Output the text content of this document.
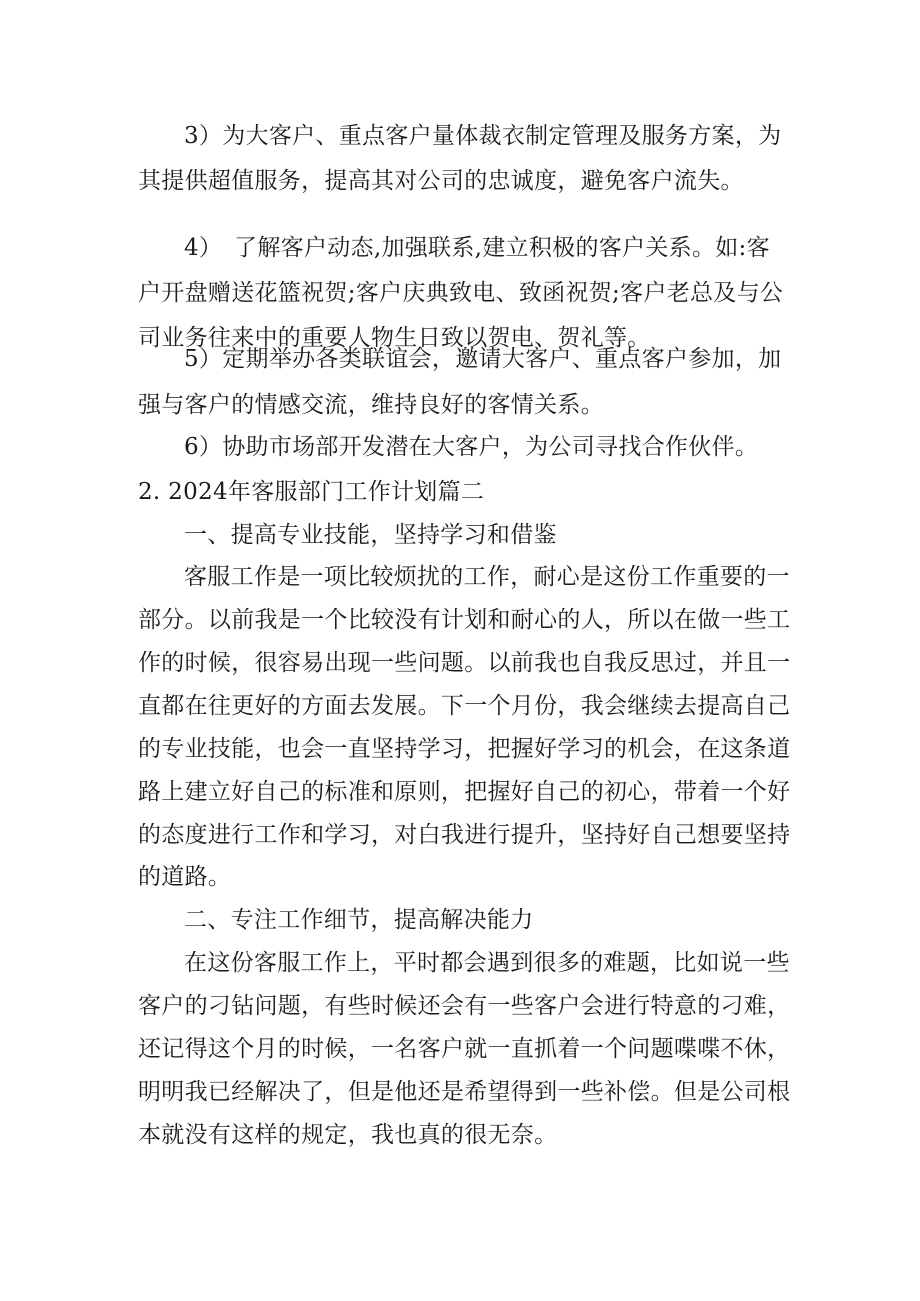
3）为大客户、重点客户量体裁衣制定管理及服务方案，为
其提供超值服务，提高其对公司的忠诚度，避免客户流失。
4）　了解客户动态,加强联系,建立积极的客户关系。如:客
户开盘赠送花篮祝贺;客户庆典致电、致函祝贺;客户老总及与公
司业务往来中的重要人物生日致以贺电、贺礼等。
5）定期举办各类联谊会，邀请大客户、重点客户参加，加
强与客户的情感交流，维持良好的客情关系。
6）协助市场部开发潜在大客户，为公司寻找合作伙伴。
2. 2024年客服部门工作计划篇二
一、提高专业技能，坚持学习和借鉴
客服工作是一项比较烦扰的工作，耐心是这份工作重要的一
部分。以前我是一个比较没有计划和耐心的人，所以在做一些工
作的时候，很容易出现一些问题。以前我也自我反思过，并且一
直都在往更好的方面去发展。下一个月份，我会继续去提高自己
的专业技能，也会一直坚持学习，把握好学习的机会，在这条道
路上建立好自己的标准和原则，把握好自己的初心，带着一个好
的态度进行工作和学习，对白我进行提升，坚持好自己想要坚持
的道路。
二、专注工作细节，提高解决能力
在这份客服工作上，平时都会遇到很多的难题，比如说一些
客户的刁钻问题，有些时候还会有一些客户会进行特意的刁难，
还记得这个月的时候，一名客户就一直抓着一个问题喋喋不休，
明明我已经解决了，但是他还是希望得到一些补偿。但是公司根
本就没有这样的规定，我也真的很无奈。
